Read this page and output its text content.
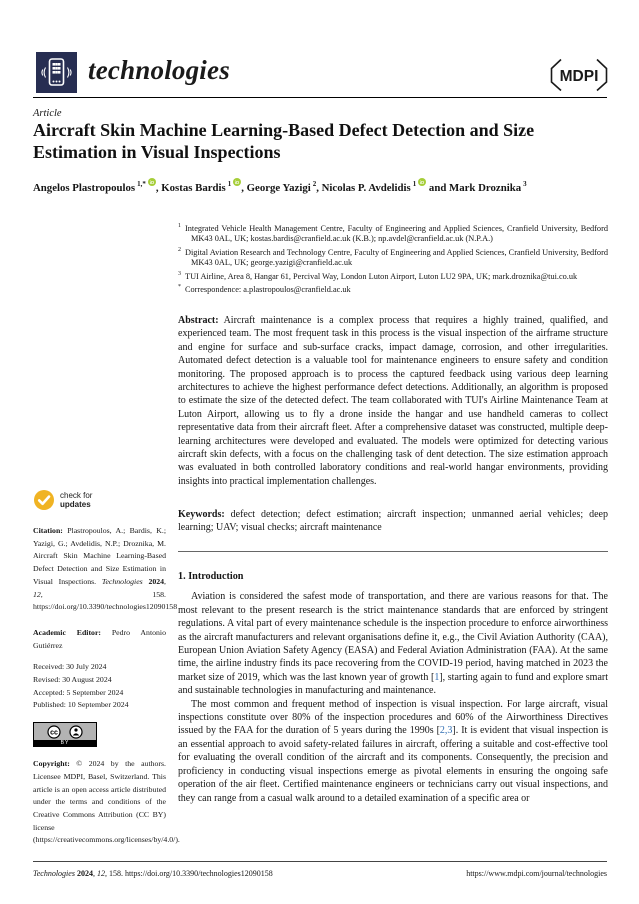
technologies	MDPI
Article
Aircraft Skin Machine Learning-Based Defect Detection and Size Estimation in Visual Inspections
Angelos Plastropoulos $^{1,*}$ iD , Kostas Bardis $^1$ iD , George Yazigi $^2$, Nicolas P. Avdelidis $^1$ iD and Mark Droznika $^3$
$^1$ Integrated Vehicle Health Management Centre, Faculty of Engineering and Applied Sciences, Cranfield University, Bedford MK43 0AL, UK; kostas.bardis@cranfield.ac.uk (K.B.); np.avdel@cranfield.ac.uk (N.P.A.)
$^2$ Digital Aviation Research and Technology Centre, Faculty of Engineering and Applied Sciences, Cranfield University, Bedford MK43 0AL, UK; george.yazigi@cranfield.ac.uk
$^3$ TUI Airline, Area 8, Hangar 61, Percival Way, London Luton Airport, Luton LU2 9PA, UK; mark.droznika@tui.co.uk
* Correspondence: a.plastropoulos@cranfield.ac.uk
Abstract: Aircraft maintenance is a complex process that requires a highly trained, qualified, and experienced team. The most frequent task in this process is the visual inspection of the airframe structure and engine for surface and sub-surface cracks, impact damage, corrosion, and other irregularities. Automated defect detection is a valuable tool for maintenance engineers to ensure safety and condition monitoring. The proposed approach is to process the captured feedback using various deep learning architectures to achieve the highest performance defect detections. Additionally, an algorithm is proposed to estimate the size of the detected defect. The team collaborated with TUI's Airline Maintenance Team at Luton Airport, allowing us to fly a drone inside the hangar and use handheld cameras to collect representative data from their aircraft fleet. After a comprehensive dataset was constructed, multiple deep-learning architectures were developed and evaluated. The models were optimized for detecting various aircraft skin defects, with a focus on the challenging task of dent detection. The size estimation approach was evaluated in both controlled laboratory conditions and real-world hangar environments, providing insights into practical implementation challenges.
Keywords: defect detection; defect estimation; aircraft inspection; unmanned aerial vehicles; deep learning; UAV; visual checks; aircraft maintenance
1. Introduction

Aviation is considered the safest mode of transportation, and there are various reasons for that. The most relevant to the present research is the strict maintenance standards that are enforced by stringent regulations. A vital part of every maintenance schedule is the inspection procedure to enforce airworthiness as the aircraft manufacturers and relevant organisations define it, e.g., the Civil Aviation Authority (CAA), European Union Aviation Safety Agency (EASA) and Federal Aviation Administration (FAA). At the same time, the airline industry finds its pace recovering from the COVID-19 period, having matched in 2023 the market size of 2019, which was the last known year of growth [1], starting again to fund and explore smart and sustainable technologies in manufacturing and maintenance.

The most common and frequent method of inspection is visual inspection. For large aircraft, visual inspections constitute over 80% of the inspection procedures and 60% of the Airworthiness Directives issued by the FAA for the duration of 5 years during the 1990s [2,3]. It is evident that visual inspection is an essential approach to avoid safety-related failures in aircraft, offering a suitable and cost-effective tool for evaluating the overall condition of the aircraft and its components. Consequently, the precision and proficiency in conducting visual inspections emerge as pivotal elements in ensuring the ongoing safe operation of the air fleet. Certified maintenance engineers or technicians carry out visual inspections, and they can range from a casual walk around to a detailed examination of a specific area or

check for
updates

Citation: Plastropoulos, A.; Bardis, K.; Yazigi, G.; Avdelidis, N.P.; Droznika, M. Aircraft Skin Machine Learning-Based Defect Detection and Size Estimation in Visual Inspections. Technologies 2024, 12, 158. https://doi.org/10.3390/technologies12090158

Academic Editor: Pedro Antonio Gutiérrez

Received: 30 July 2024
Revised: 30 August 2024
Accepted: 5 September 2024
Published: 10 September 2024

cc
BY

Copyright: © 2024 by the authors. Licensee MDPI, Basel, Switzerland. This article is an open access article distributed under the terms and conditions of the Creative Commons Attribution (CC BY) license (https://creativecommons.org/licenses/by/4.0/).

Technologies 2024, 12, 158. https://doi.org/10.3390/technologies12090158	https://www.mdpi.com/journal/technologies
